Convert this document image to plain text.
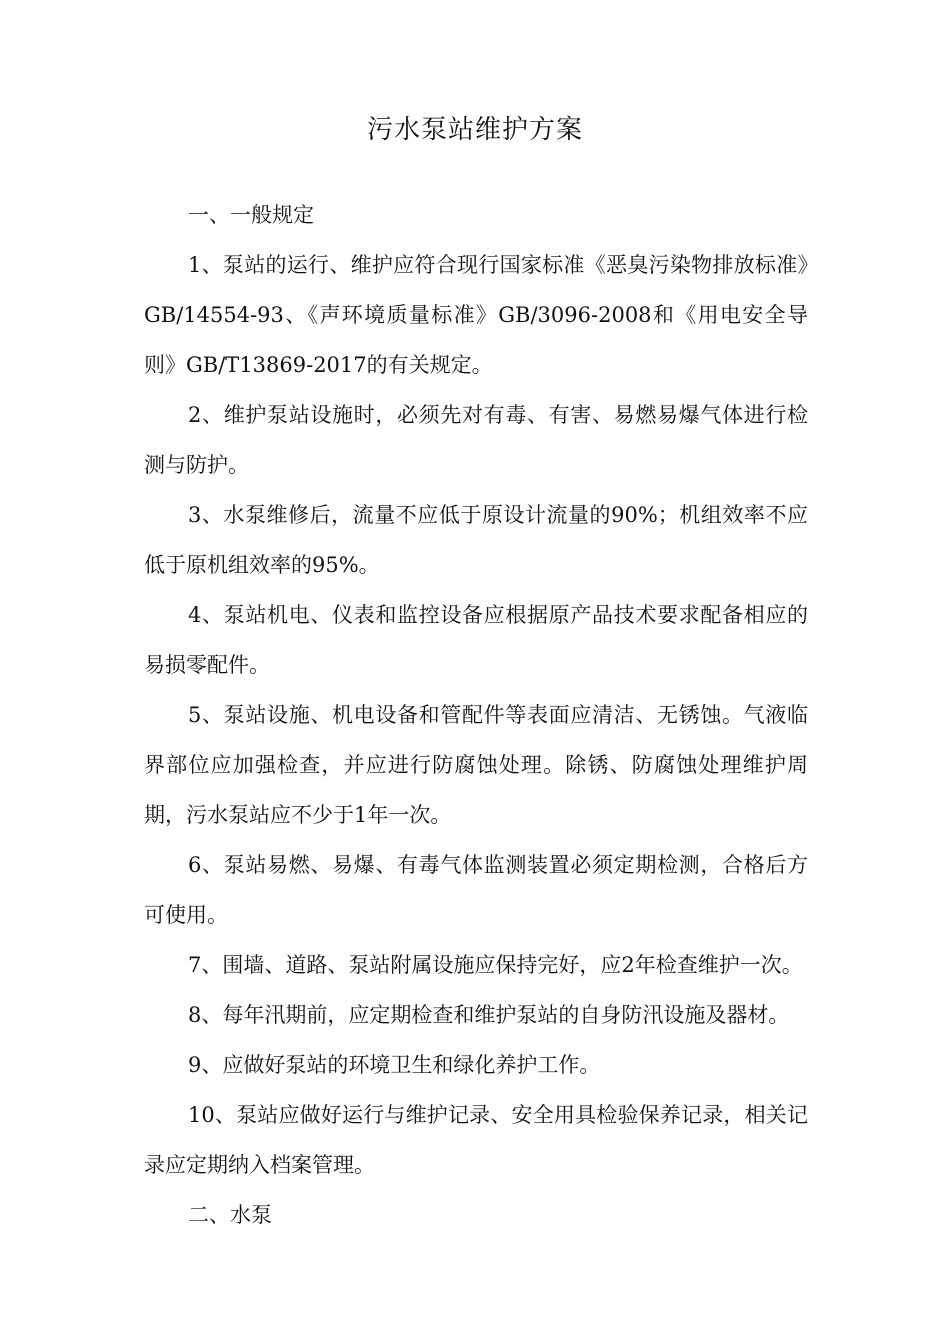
污水泵站维护方案

一、一般规定

1、泵站的运行、维护应符合现行国家标准《恶臭污染物排放标准》GB/14554-93、《声环境质量标准》GB/3096-2008和《用电安全导则》GB/T13869-2017的有关规定。

2、维护泵站设施时，必须先对有毒、有害、易燃易爆气体进行检测与防护。

3、水泵维修后，流量不应低于原设计流量的90%；机组效率不应低于原机组效率的95%。

4、泵站机电、仪表和监控设备应根据原产品技术要求配备相应的易损零配件。

5、泵站设施、机电设备和管配件等表面应清洁、无锈蚀。气液临界部位应加强检查，并应进行防腐蚀处理。除锈、防腐蚀处理维护周期，污水泵站应不少于1年一次。

6、泵站易燃、易爆、有毒气体监测装置必须定期检测，合格后方可使用。

7、围墙、道路、泵站附属设施应保持完好，应2年检查维护一次。

8、每年汛期前，应定期检查和维护泵站的自身防汛设施及器材。

9、应做好泵站的环境卫生和绿化养护工作。

10、泵站应做好运行与维护记录、安全用具检验保养记录，相关记录应定期纳入档案管理。

二、水泵
